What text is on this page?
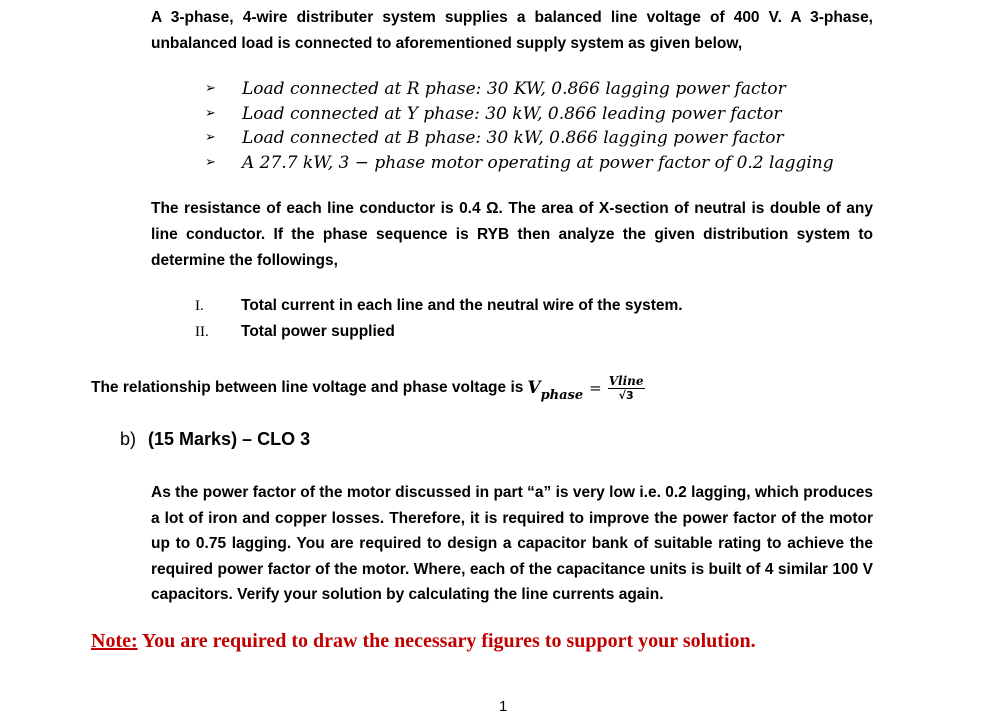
A 3-phase, 4-wire distributer system supplies a balanced line voltage of 400 V. A 3-phase, unbalanced load is connected to aforementioned supply system as given below,
➢ Load connected at R phase: 30 KW, 0.866 lagging power factor
➢ Load connected at Y phase: 30 kW, 0.866 leading power factor
➢ Load connected at B phase: 30 kW, 0.866 lagging power factor
➢ A 27.7 kW, 3 − phase motor operating at power factor of 0.2 lagging
The resistance of each line conductor is 0.4 Ω. The area of X-section of neutral is double of any line conductor. If the phase sequence is RYB then analyze the given distribution system to determine the followings,
I. Total current in each line and the neutral wire of the system.
II. Total power supplied
The relationship between line voltage and phase voltage is $V_{phase} = \frac{\text{Vline}}{√3}$
b) (15 Marks) – CLO 3
As the power factor of the motor discussed in part “a” is very low i.e. 0.2 lagging, which produces a lot of iron and copper losses. Therefore, it is required to improve the power factor of the motor up to 0.75 lagging. You are required to design a capacitor bank of suitable rating to achieve the required power factor of the motor. Where, each of the capacitance units is built of 4 similar 100 V capacitors. Verify your solution by calculating the line currents again.
Note: You are required to draw the necessary figures to support your solution.
1
